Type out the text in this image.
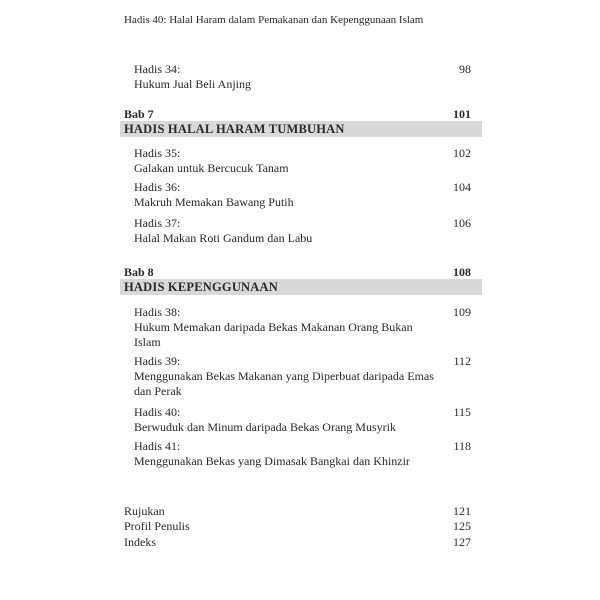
Hadis 40: Halal Haram dalam Pemakanan dan Kepenggunaan Islam
Hadis 34:	98
Hukum Jual Beli Anjing
Bab 7	101
HADIS HALAL HARAM TUMBUHAN
Hadis 35:	102
Galakan untuk Bercucuk Tanam
Hadis 36:	104
Makruh Memakan Bawang Putih
Hadis 37:	106
Halal Makan Roti Gandum dan Labu
Bab 8	108
HADIS KEPENGGUNAAN
Hadis 38:	109
Hukum Memakan daripada Bekas Makanan Orang Bukan
Islam
Hadis 39:	112
Menggunakan Bekas Makanan yang Diperbuat daripada Emas
dan Perak
Hadis 40:	115
Berwuduk dan Minum daripada Bekas Orang Musyrik
Hadis 41:	118
Menggunakan Bekas yang Dimasak Bangkai dan Khinzir
Rujukan	121
Profil Penulis	125
Indeks	127
